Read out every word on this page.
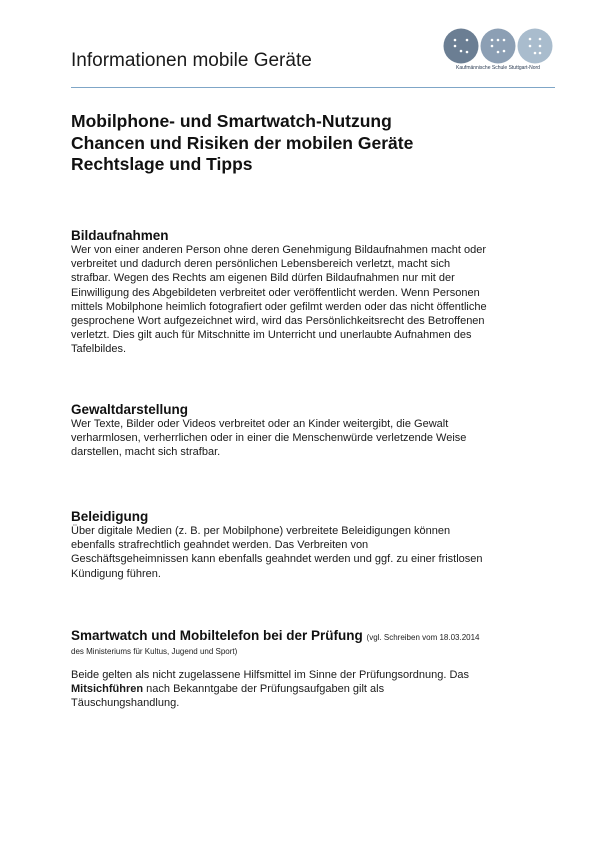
Informationen mobile Geräte	Kaufmännische Schule Stuttgart-Nord
Mobilphone- und Smartwatch-Nutzung
Chancen und Risiken der mobilen Geräte
Rechtslage und Tipps
Bildaufnahmen

Wer von einer anderen Person ohne deren Genehmigung Bildaufnahmen macht oder
verbreitet und dadurch deren persönlichen Lebensbereich verletzt, macht sich
strafbar. Wegen des Rechts am eigenen Bild dürfen Bildaufnahmen nur mit der
Einwilligung des Abgebildeten verbreitet oder veröffentlicht werden. Wenn Personen
mittels Mobilphone heimlich fotografiert oder gefilmt werden oder das nicht öffentliche
gesprochene Wort aufgezeichnet wird, wird das Persönlichkeitsrecht des Betroffenen
verletzt. Dies gilt auch für Mitschnitte im Unterricht und unerlaubte Aufnahmen des
Tafelbildes.

Gewaltdarstellung

Wer Texte, Bilder oder Videos verbreitet oder an Kinder weitergibt, die Gewalt
verharmlosen, verherrlichen oder in einer die Menschenwürde verletzende Weise
darstellen, macht sich strafbar.

Beleidigung

Über digitale Medien (z. B. per Mobilphone) verbreitete Beleidigungen können
ebenfalls strafrechtlich geahndet werden. Das Verbreiten von
Geschäftsgeheimnissen kann ebenfalls geahndet werden und ggf. zu einer fristlosen
Kündigung führen.

Smartwatch und Mobiltelefon bei der Prüfung (vgl. Schreiben vom 18.03.2014
des Ministeriums für Kultus, Jugend und Sport)

Beide gelten als nicht zugelassene Hilfsmittel im Sinne der Prüfungsordnung. Das
Mitsichführen nach Bekanntgabe der Prüfungsaufgaben gilt als
Täuschungshandlung.
